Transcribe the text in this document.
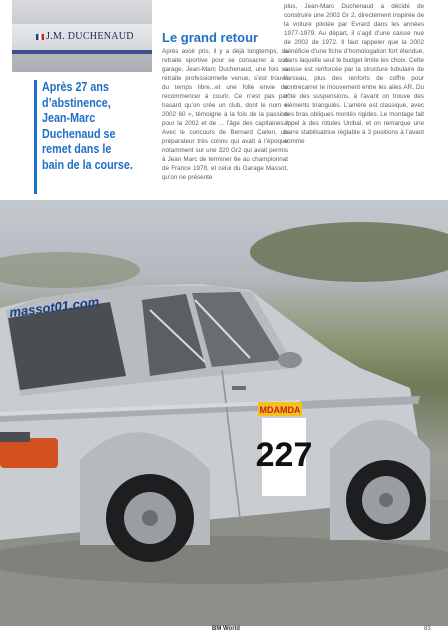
J.M. DUCHENAUD
Après 27 ans d’abstinence, Jean-Marc Duchenaud se remet dans le bain de la course.
Le grand retour
Après avoir pris, il y a déjà longtemps, sa retraite sportive pour se consacrer à son garage, Jean-Marc Duchenaud, une fois sa retraite professionnelle venue, s’est trouvé du temps libre...et une folle envie de recommencer à courir. Ce n’est pas par hasard qu’on crée un club, dont le nom « 2002 60 », témoigne à la fois de la passion pour la 2002 et de ... l’âge des capitaines ! Avec le concours de Bernard Callen, un préparateur très connu qui avait à l’époque notamment sur une 320 Gr2 qui avait permis à Jean Marc de terminer 6e au championnat de France 1978, et celui du Garage Massot, qu’on ne présente
plus, Jean-Marc Duchenaud a décidé de construire une 2002 Gr 2, directement inspirée de la voiture pilotée par Evrard dans les années 1977-1979. Au départ, il s’agit d’une caisse nue de 2002 de 1972. Il faut rappeler que la 2002 bénéficie d’une fiche d’homologation fort étendue, dans laquelle seul le budget limite les choix. Cette caisse est renforcée par la structure tubulaire de l’arceau, plus des renforts de coffre pour contrecarrer le mouvement entre les ailes AR. Du côté des suspensions, à l’avant on trouve des éléments triangulés. L’amère est classique, avec des bras obliques montés rigides. Le montage fait appel à des rotules Unibal, et on remarque une barre stabilisatrice réglable à 3 positions à l’avant comme
massot01.com
MDAMDA
227
BM World	83
